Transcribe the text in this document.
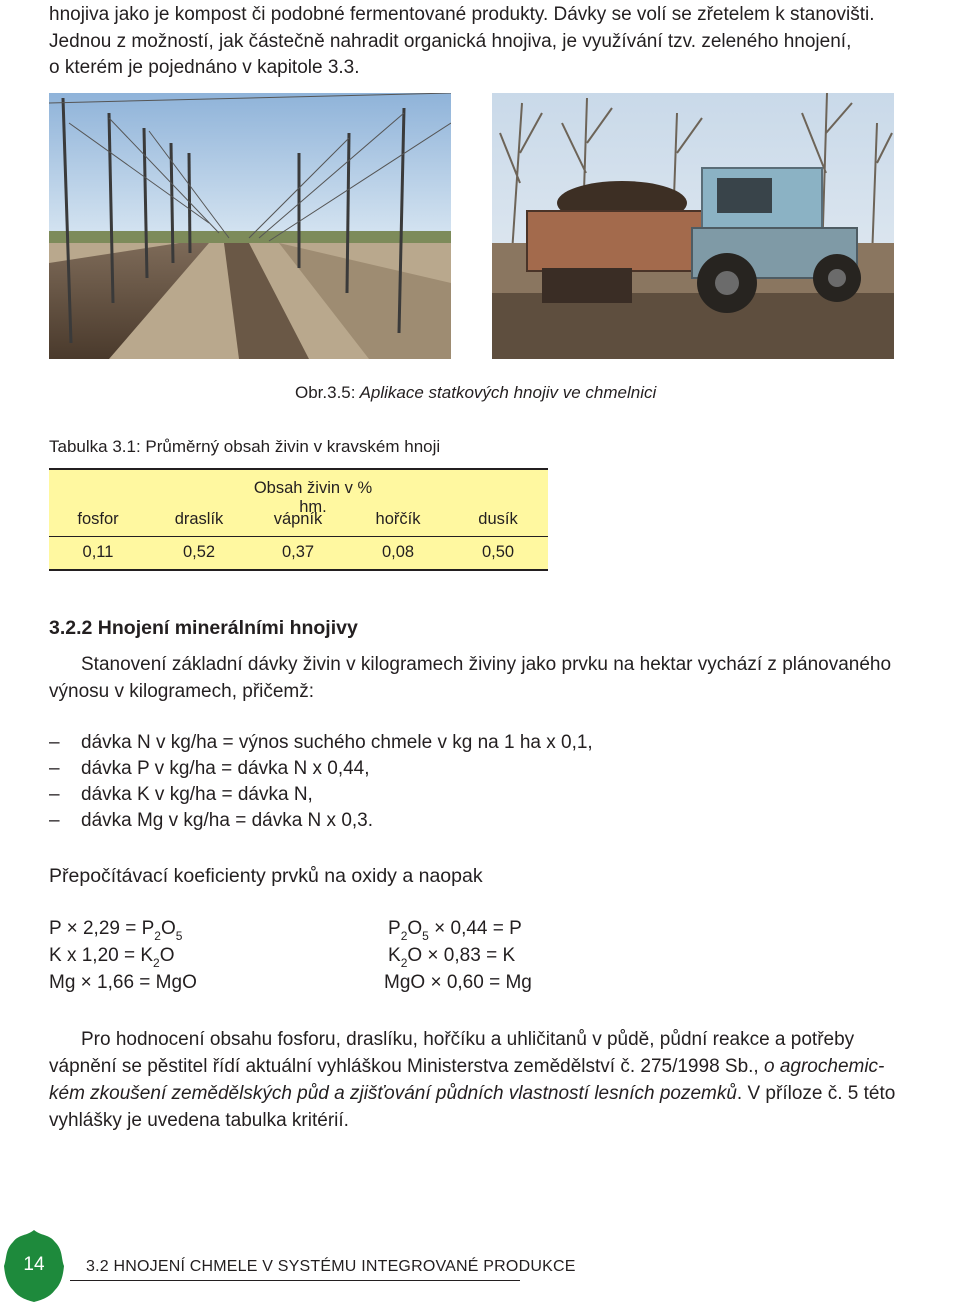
hnojiva jako je kompost či podobné fermentované produkty. Dávky se volí se zřetelem k stanovišti.
Jednou z možností, jak částečně nahradit organická hnojiva, je využívání tzv. zeleného hnojení,
o kterém je pojednáno v kapitole 3.3.

Obr.3.5: Aplikace statkových hnojiv ve chmelnici
Tabulka 3.1: Průměrný obsah živin v kravském hnoji
Obsah živin v % hm.
fosfor	draslík	vápník	hořčík	dusík
0,11	0,52	0,37	0,08	0,50
3.2.2 Hnojení minerálními hnojivy
Stanovení základní dávky živin v kilogramech živiny jako prvku na hektar vychází z plánovaného
výnosu v kilogramech, přičemž:
– dávka N v kg/ha = výnos suchého chmele v kg na 1 ha x 0,1,
– dávka P v kg/ha = dávka N x 0,44,
– dávka K v kg/ha = dávka N,
– dávka Mg v kg/ha = dávka N x 0,3.
Přepočítávací koeficienty prvků na oxidy a naopak
$P \times 2,29 = P_2O_5$
K x $1,20 = K_2O$
Mg × 1,66 = MgO
$P_2O_5 \times 0,44 = P$
$K_2O \times 0,83 = K$
MgO × 0,60 = Mg
Pro hodnocení obsahu fosforu, draslíku, hořčíku a uhličitanů v půdě, půdní reakce a potřeby
vápnění se pěstitel řídí aktuální vyhláškou Ministerstva zemědělství č. 275/1998 Sb., o agrochemic-
kém zkoušení zemědělských půd a zjišťování půdních vlastností lesních pozemků. V příloze č. 5 této
vyhlášky je uvedena tabulka kritérií.
14	3.2 HNOJENÍ CHMELE V SYSTÉMU INTEGROVANÉ PRODUKCE
